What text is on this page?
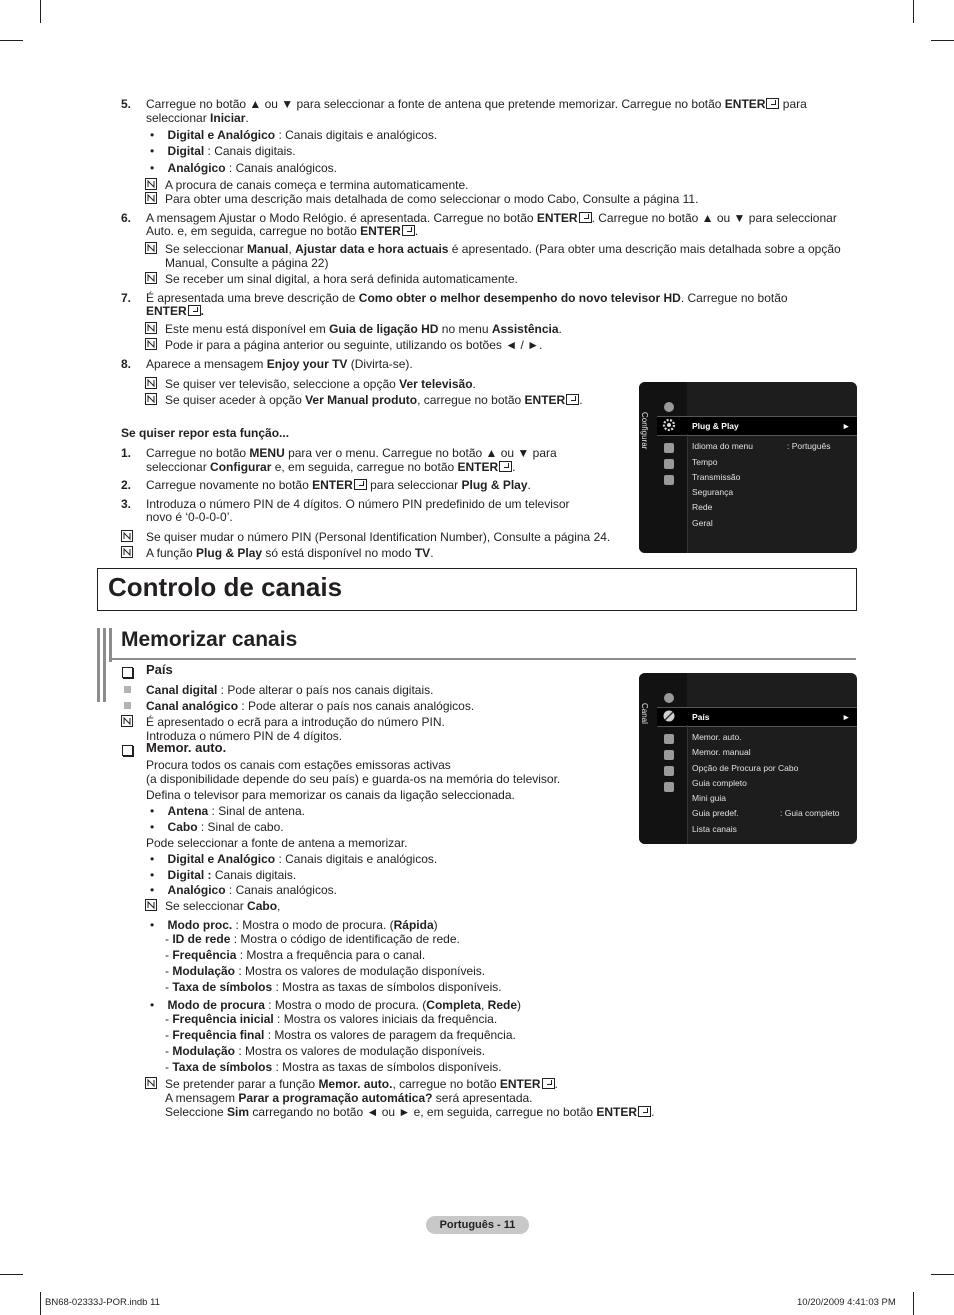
5. Carregue no botão ▲ ou ▼ para seleccionar a fonte de antena que pretende memorizar. Carregue no botão ENTER para
seleccionar Iniciar.
•    Digital e Analógico : Canais digitais e analógicos.
•    Digital : Canais digitais.
•    Analógico : Canais analógicos.
A procura de canais começa e termina automaticamente.
Para obter uma descrição mais detalhada de como seleccionar o modo Cabo, Consulte a página 11.
6. A mensagem Ajustar o Modo Relógio. é apresentada. Carregue no botão ENTER . Carregue no botão ▲ ou ▼ para seleccionar
Auto. e, em seguida, carregue no botão ENTER .
Se seleccionar Manual, Ajustar data e hora actuais é apresentado. (Para obter uma descrição mais detalhada sobre a opção
Manual, Consulte a página 22)
Se receber um sinal digital, a hora será definida automaticamente.
7. É apresentada uma breve descrição de Como obter o melhor desempenho do novo televisor HD. Carregue no botão
ENTER .
Este menu está disponível em Guia de ligação HD no menu Assistência.
Pode ir para a página anterior ou seguinte, utilizando os botões ◄ / ►.
8. Aparece a mensagem Enjoy your TV (Divirta-se).
Se quiser ver televisão, seleccione a opção Ver televisão.
Se quiser aceder à opção Ver Manual produto, carregue no botão ENTER .
Se quiser repor esta função...
1. Carregue no botão MENU para ver o menu. Carregue no botão ▲ ou ▼ para
seleccionar Configurar e, em seguida, carregue no botão ENTER .
2. Carregue novamente no botão ENTER para seleccionar Plug & Play.
3. Introduza o número PIN de 4 dígitos. O número PIN predefinido de um televisor
novo é ‘0-0-0-0’.
Se quiser mudar o número PIN (Personal Identification Number), Consulte a página 24.
A função Plug & Play só está disponível no modo TV.
Configurar	Plug & Play	►
Idioma do menu	: Português
Tempo
Transmissão
Segurança
Rede
Geral
Controlo de canais
Memorizar canais
País
Canal digital : Pode alterar o país nos canais digitais.
Canal analógico : Pode alterar o país nos canais analógicos.
É apresentado o ecrã para a introdução do número PIN.
Introduza o número PIN de 4 dígitos.
Memor. auto.
Procura todos os canais com estações emissoras activas
(a disponibilidade depende do seu país) e guarda-os na memória do televisor.
Defina o televisor para memorizar os canais da ligação seleccionada.
•    Antena : Sinal de antena.
•    Cabo : Sinal de cabo.
Pode seleccionar a fonte de antena a memorizar.
•    Digital e Analógico : Canais digitais e analógicos.
•    Digital : Canais digitais.
•    Analógico : Canais analógicos.
Se seleccionar Cabo,
•    Modo proc. : Mostra o modo de procura. (Rápida)
- ID de rede : Mostra o código de identificação de rede.
- Frequência : Mostra a frequência para o canal.
- Modulação : Mostra os valores de modulação disponíveis.
- Taxa de símbolos : Mostra as taxas de símbolos disponíveis.
•    Modo de procura : Mostra o modo de procura. (Completa, Rede)
- Frequência inicial : Mostra os valores iniciais da frequência.
- Frequência final : Mostra os valores de paragem da frequência.
- Modulação : Mostra os valores de modulação disponíveis.
- Taxa de símbolos : Mostra as taxas de símbolos disponíveis.
Se pretender parar a função Memor. auto., carregue no botão ENTER .
A mensagem Parar a programação automática? será apresentada.
Seleccione Sim carregando no botão ◄ ou ► e, em seguida, carregue no botão ENTER .
Canal	País	►
Memor. auto.
Memor. manual
Opção de Procura por Cabo
Guia completo
Mini guia
Guia predef.	: Guia completo
Lista canais
Português - 11
BN68-02333J-POR.indb 11	10/20/2009 4:41:03 PM
